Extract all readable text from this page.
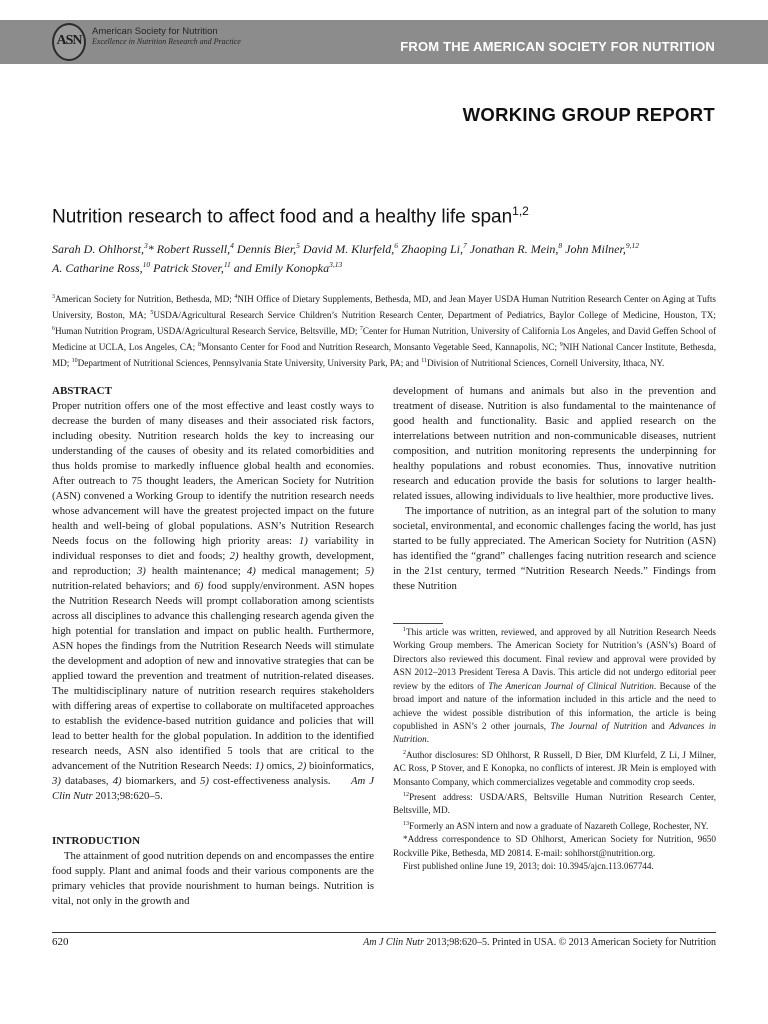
ASN
American Society for Nutrition
Excellence in Nutrition Research and Practice	FROM THE AMERICAN SOCIETY FOR NUTRITION
WORKING GROUP REPORT
Nutrition research to affect food and a healthy life span$^{1,2}$
Sarah D. Ohlhorst,$^3$* Robert Russell,$^4$ Dennis Bier,$^5$ David M. Klurfeld,$^6$ Zhaoping Li,$^7$ Jonathan R. Mein,$^8$ John Milner,$^{9,12}$
A. Catharine Ross,$^{10}$ Patrick Stover,$^{11}$ and Emily Konopka$^{3,13}$
$^3$American Society for Nutrition, Bethesda, MD; $^4$NIH Office of Dietary Supplements, Bethesda, MD, and Jean Mayer USDA Human Nutrition Research Center on Aging at Tufts University, Boston, MA; $^5$USDA/Agricultural Research Service Children’s Nutrition Research Center, Department of Pediatrics, Baylor College of Medicine, Houston, TX; $^6$Human Nutrition Program, USDA/Agricultural Research Service, Beltsville, MD; $^7$Center for Human Nutrition, University of California Los Angeles, and David Geffen School of Medicine at UCLA, Los Angeles, CA; $^8$Monsanto Center for Food and Nutrition Research, Monsanto Vegetable Seed, Kannapolis, NC; $^9$NIH National Cancer Institute, Bethesda, MD; $^{10}$Department of Nutritional Sciences, Pennsylvania State University, University Park, PA; and $^{11}$Division of Nutritional Sciences, Cornell University, Ithaca, NY.
ABSTRACT

Proper nutrition offers one of the most effective and least costly ways to decrease the burden of many diseases and their associated risk factors, including obesity. Nutrition research holds the key to increasing our understanding of the causes of obesity and its related comorbidities and thus holds promise to markedly influence global health and economies. After outreach to 75 thought leaders, the American Society for Nutrition (ASN) convened a Working Group to identify the nutrition research needs whose advancement will have the greatest projected impact on the future health and well-being of global populations. ASN’s Nutrition Research Needs focus on the following high priority areas: 1) variability in individual responses to diet and foods; 2) healthy growth, development, and reproduction; 3) health maintenance; 4) medical management; 5) nutrition-related behaviors; and 6) food supply/environment. ASN hopes the Nutrition Research Needs will prompt collaboration among scientists across all disciplines to advance this challenging research agenda given the high potential for translation and impact on public health. Furthermore, ASN hopes the findings from the Nutrition Research Needs will stimulate the development and adoption of new and innovative strategies that can be applied toward the prevention and treatment of nutrition-related diseases. The multidisciplinary nature of nutrition research requires stakeholders with differing areas of expertise to collaborate on multifaceted approaches to establish the evidence-based nutrition guidance and policies that will lead to better health for the global population. In addition to the identified research needs, ASN also identified 5 tools that are critical to the advancement of the Nutrition Research Needs: 1) omics, 2) bioinformatics, 3) databases, 4) biomarkers, and 5) cost-effectiveness analysis.     Am J Clin Nutr 2013;98:620–5.

INTRODUCTION

The attainment of good nutrition depends on and encompasses the entire food supply. Plant and animal foods and their various components are the primary vehicles that provide nourishment to human beings. Nutrition is vital, not only in the growth and

development of humans and animals but also in the prevention and treatment of disease. Nutrition is also fundamental to the maintenance of good health and functionality. Basic and applied research on the interrelations between nutrition and non-communicable diseases, nutrient composition, and nutrition monitoring represents the underpinning for healthy populations and robust economies. Thus, innovative nutrition research and education provide the basis for solutions to larger health-related issues, allowing individuals to live healthier, more productive lives.

The importance of nutrition, as an integral part of the solution to many societal, environmental, and economic challenges facing the world, has just started to be fully appreciated. The American Society for Nutrition (ASN) has identified the “grand” challenges facing nutrition research and science in the 21st century, termed “Nutrition Research Needs.” Findings from these Nutrition

$^1$This article was written, reviewed, and approved by all Nutrition Research Needs Working Group members. The American Society for Nutrition’s (ASN’s) Board of Directors also reviewed this document. Final review and approval were provided by ASN 2012–2013 President Teresa A Davis. This article did not undergo editorial peer review by the editors of The American Journal of Clinical Nutrition. Because of the broad import and nature of the information included in this article and the need to achieve the widest possible distribution of this information, the article is being copublished in ASN’s 2 other journals, The Journal of Nutrition and Advances in Nutrition.

$^2$Author disclosures: SD Ohlhorst, R Russell, D Bier, DM Klurfeld, Z Li, J Milner, AC Ross, P Stover, and E Konopka, no conflicts of interest. JR Mein is employed with Monsanto Company, which commercializes vegetable and commodity crop seeds.

$^{12}$Present address: USDA/ARS, Beltsville Human Nutrition Research Center, Beltsville, MD.

$^{13}$Formerly an ASN intern and now a graduate of Nazareth College, Rochester, NY.

*Address correspondence to SD Ohlhorst, American Society for Nutrition, 9650 Rockville Pike, Bethesda, MD 20814. E-mail: sohlhorst@nutrition.org.

First published online June 19, 2013; doi: 10.3945/ajcn.113.067744.

620	Am J Clin Nutr 2013;98:620–5. Printed in USA. © 2013 American Society for Nutrition
